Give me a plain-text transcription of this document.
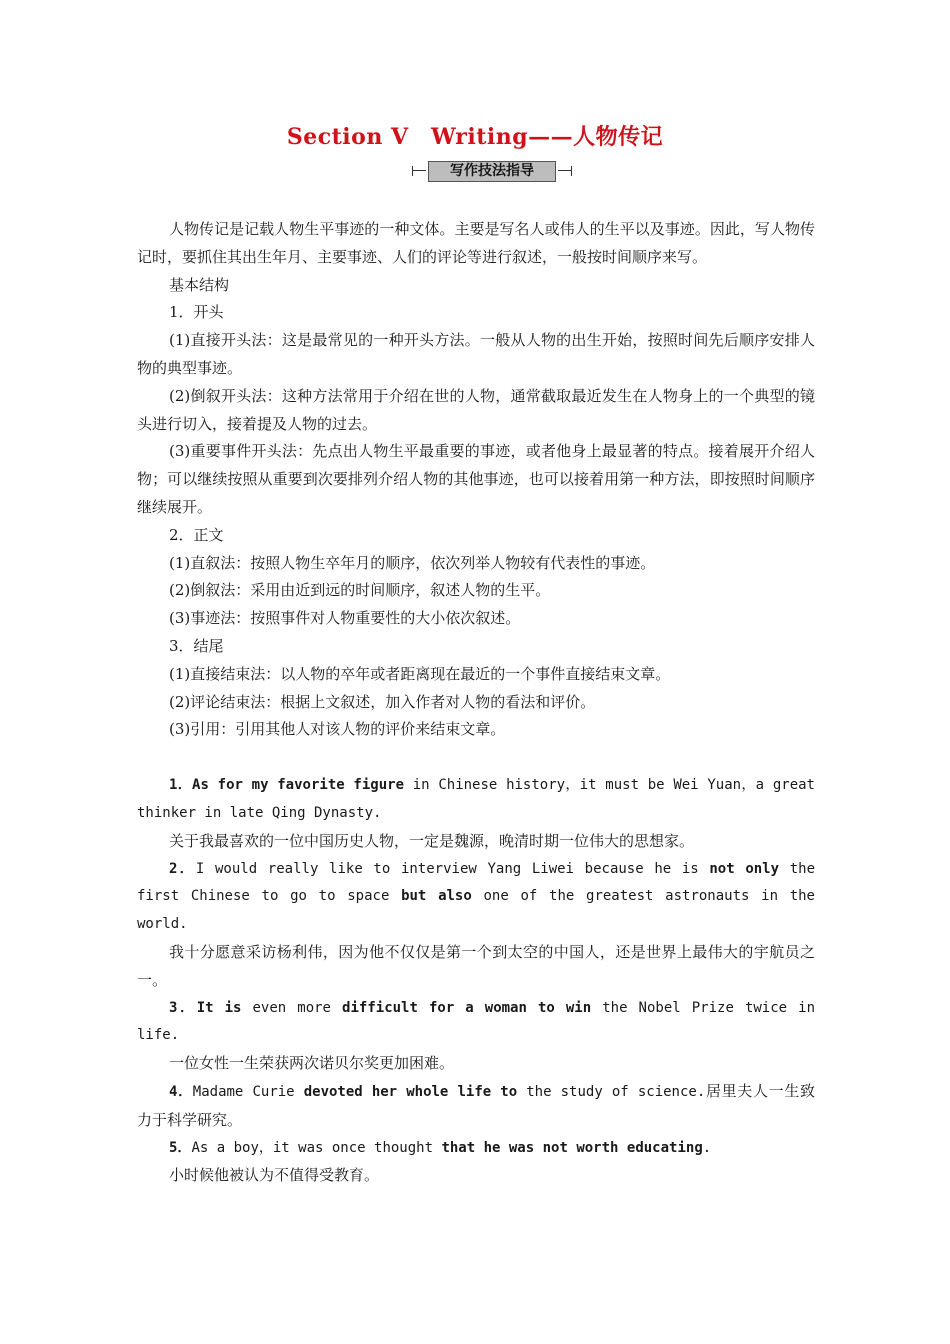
Section Ⅴ　Writing——人物传记
写作技法指导

人物传记是记载人物生平事迹的一种文体。主要是写名人或伟人的生平以及事迹。因此，写人物传记时，要抓住其出生年月、主要事迹、人们的评论等进行叙述，一般按时间顺序来写。

基本结构

1．开头

(1)直接开头法：这是最常见的一种开头方法。一般从人物的出生开始，按照时间先后顺序安排人物的典型事迹。

(2)倒叙开头法：这种方法常用于介绍在世的人物，通常截取最近发生在人物身上的一个典型的镜头进行切入，接着提及人物的过去。

(3)重要事件开头法：先点出人物生平最重要的事迹，或者他身上最显著的特点。接着展开介绍人物；可以继续按照从重要到次要排列介绍人物的其他事迹，也可以接着用第一种方法，即按照时间顺序继续展开。

2．正文

(1)直叙法：按照人物生卒年月的顺序，依次列举人物较有代表性的事迹。

(2)倒叙法：采用由近到远的时间顺序，叙述人物的生平。

(3)事迹法：按照事件对人物重要性的大小依次叙述。

3．结尾

(1)直接结束法：以人物的卒年或者距离现在最近的一个事件直接结束文章。

(2)评论结束法：根据上文叙述，加入作者对人物的看法和评价。

(3)引用：引用其他人对该人物的评价来结束文章。

1．As for my favorite figure in Chinese history，it must be Wei Yuan，a great thinker in late Qing Dynasty.

关于我最喜欢的一位中国历史人物，一定是魏源，晚清时期一位伟大的思想家。

2．I would really like to interview Yang Liwei because he is not only the first Chinese to go to space but also one of the greatest astronauts in the world.

我十分愿意采访杨利伟，因为他不仅仅是第一个到太空的中国人，还是世界上最伟大的宇航员之一。

3．It is even more difficult for a woman to win the Nobel Prize twice in life.

一位女性一生荣获两次诺贝尔奖更加困难。

4．Madame Curie devoted her whole life to the study of science.居里夫人一生致力于科学研究。

5．As a boy，it was once thought that he was not worth educating.

小时候他被认为不值得受教育。
